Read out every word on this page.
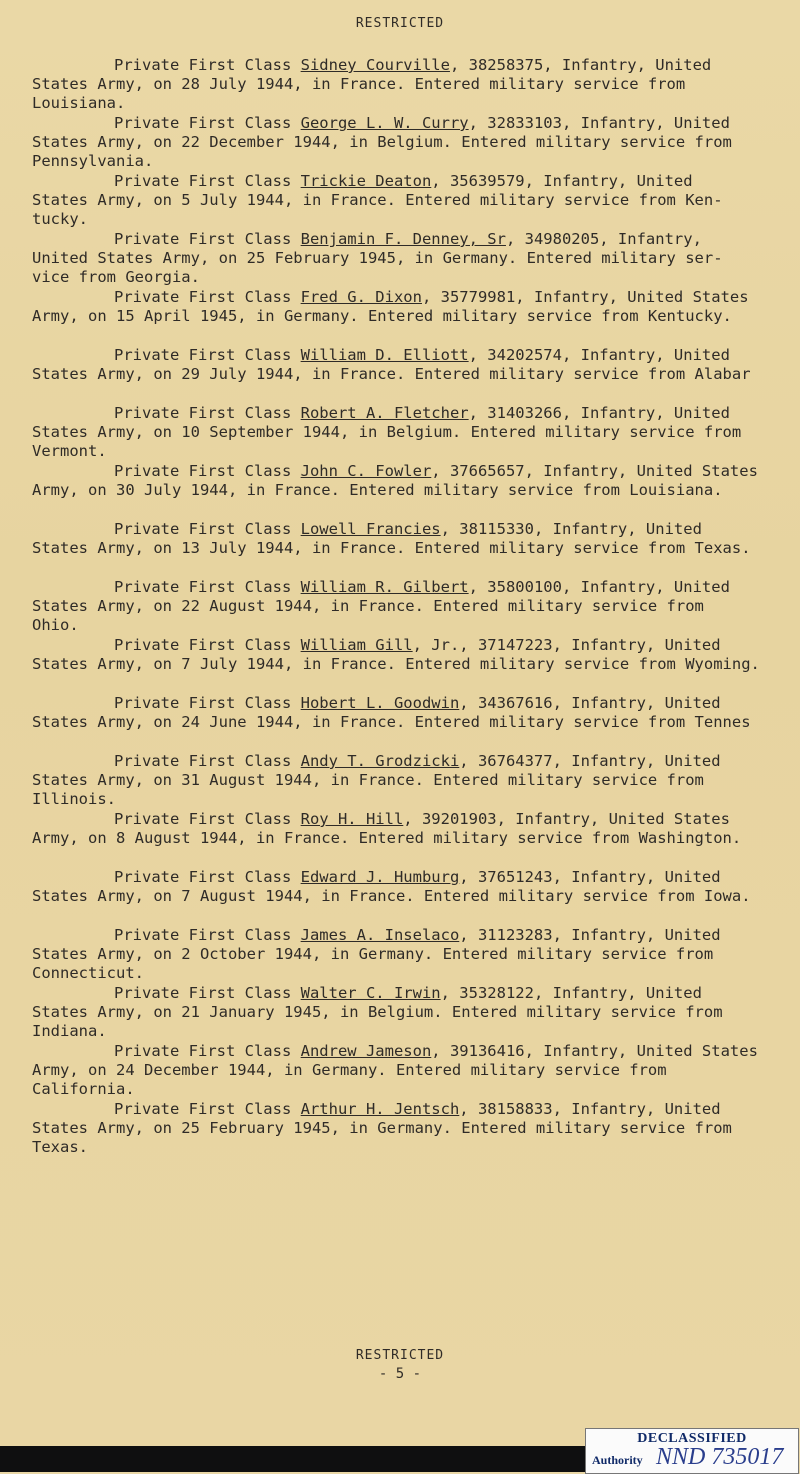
RESTRICTED
Private First Class Sidney Courville, 38258375, Infantry, United
States Army, on 28 July 1944, in France. Entered military service from
Louisiana.
Private First Class George L. W. Curry, 32833103, Infantry, United
States Army, on 22 December 1944, in Belgium. Entered military service from
Pennsylvania.
Private First Class Trickie Deaton, 35639579, Infantry, United
States Army, on 5 July 1944, in France. Entered military service from Ken-
tucky.
Private First Class Benjamin F. Denney, Sr, 34980205, Infantry,
United States Army, on 25 February 1945, in Germany. Entered military ser-
vice from Georgia.
Private First Class Fred G. Dixon, 35779981, Infantry, United States
Army, on 15 April 1945, in Germany. Entered military service from Kentucky.
Private First Class William D. Elliott, 34202574, Infantry, United
States Army, on 29 July 1944, in France. Entered military service from Alabar
Private First Class Robert A. Fletcher, 31403266, Infantry, United
States Army, on 10 September 1944, in Belgium. Entered military service from
Vermont.
Private First Class John C. Fowler, 37665657, Infantry, United States
Army, on 30 July 1944, in France. Entered military service from Louisiana.
Private First Class Lowell Francies, 38115330, Infantry, United
States Army, on 13 July 1944, in France. Entered military service from Texas.
Private First Class William R. Gilbert, 35800100, Infantry, United
States Army, on 22 August 1944, in France. Entered military service from
Ohio.
Private First Class William Gill, Jr., 37147223, Infantry, United
States Army, on 7 July 1944, in France. Entered military service from Wyoming.
Private First Class Hobert L. Goodwin, 34367616, Infantry, United
States Army, on 24 June 1944, in France. Entered military service from Tennes
Private First Class Andy T. Grodzicki, 36764377, Infantry, United
States Army, on 31 August 1944, in France. Entered military service from
Illinois.
Private First Class Roy H. Hill, 39201903, Infantry, United States
Army, on 8 August 1944, in France. Entered military service from Washington.
Private First Class Edward J. Humburg, 37651243, Infantry, United
States Army, on 7 August 1944, in France. Entered military service from Iowa.
Private First Class James A. Inselaco, 31123283, Infantry, United
States Army, on 2 October 1944, in Germany. Entered military service from
Connecticut.
Private First Class Walter C. Irwin, 35328122, Infantry, United
States Army, on 21 January 1945, in Belgium. Entered military service from
Indiana.
Private First Class Andrew Jameson, 39136416, Infantry, United States
Army, on 24 December 1944, in Germany. Entered military service from
California.
Private First Class Arthur H. Jentsch, 38158833, Infantry, United
States Army, on 25 February 1945, in Germany. Entered military service from
Texas.
RESTRICTED
- 5 -
DECLASSIFIED
Authority NND 735017
